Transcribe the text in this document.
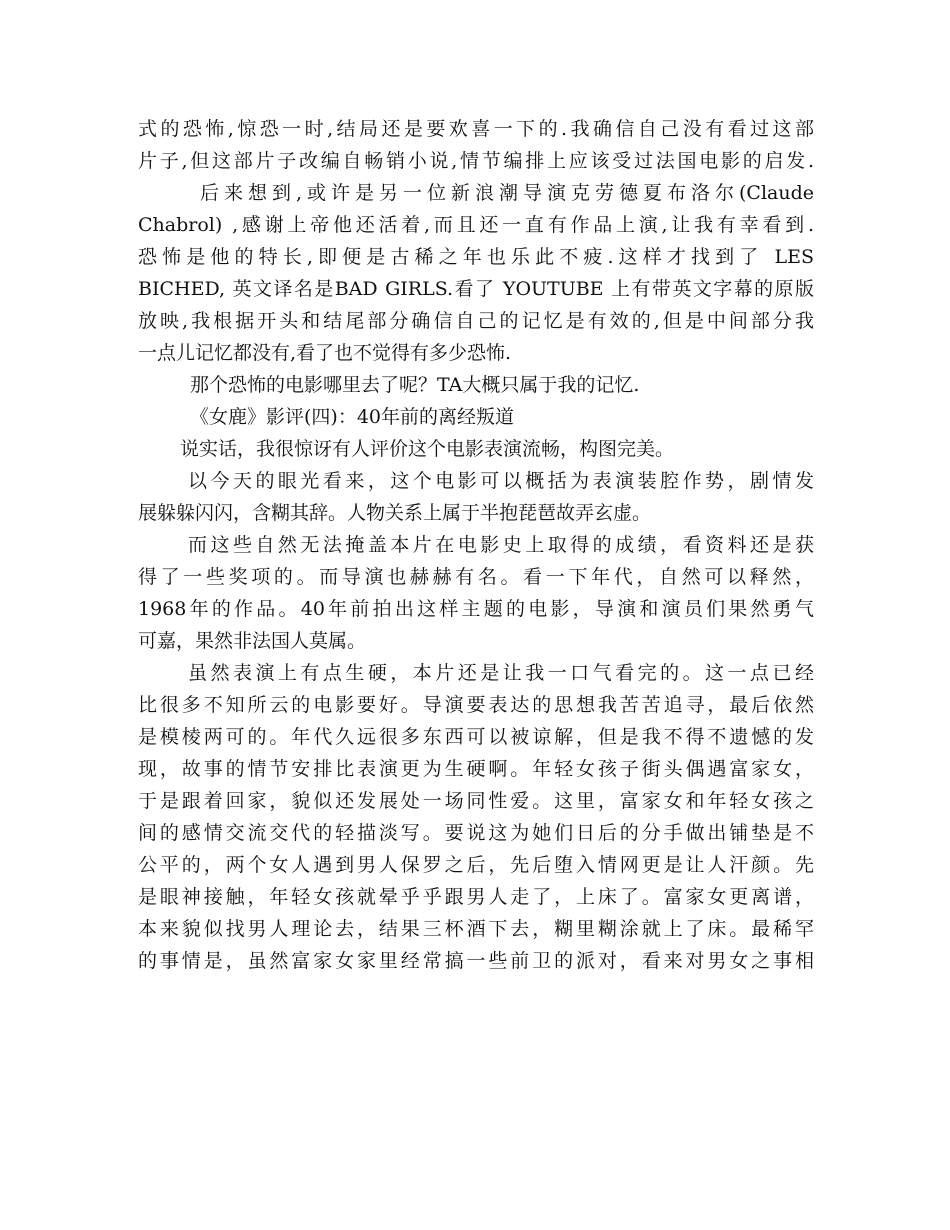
式的恐怖,惊恐一时,结局还是要欢喜一下的.我确信自己没有看过这部
片子,但这部片子改编自畅销小说,情节编排上应该受过法国电影的启发.
后来想到,或许是另一位新浪潮导演克劳德夏布洛尔(Claude
Chabrol) ,感谢上帝他还活着,而且还一直有作品上演,让我有幸看到.
恐怖是他的特长,即便是古稀之年也乐此不疲.这样才找到了 LES
BICHED, 英文译名是BAD GIRLS.看了 YOUTUBE 上有带英文字幕的原版
放映,我根据开头和结尾部分确信自己的记忆是有效的,但是中间部分我
一点儿记忆都没有,看了也不觉得有多少恐怖.
那个恐怖的电影哪里去了呢？TA大概只属于我的记忆.
《女鹿》影评(四)：40年前的离经叛道
说实话，我很惊讶有人评价这个电影表演流畅，构图完美。
以今天的眼光看来，这个电影可以概括为表演装腔作势，剧情发
展躲躲闪闪，含糊其辞。人物关系上属于半抱琵琶故弄玄虚。
而这些自然无法掩盖本片在电影史上取得的成绩，看资料还是获
得了一些奖项的。而导演也赫赫有名。看一下年代，自然可以释然，
1968年的作品。40年前拍出这样主题的电影，导演和演员们果然勇气
可嘉，果然非法国人莫属。
虽然表演上有点生硬，本片还是让我一口气看完的。这一点已经
比很多不知所云的电影要好。导演要表达的思想我苦苦追寻，最后依然
是模棱两可的。年代久远很多东西可以被谅解，但是我不得不遗憾的发
现，故事的情节安排比表演更为生硬啊。年轻女孩子街头偶遇富家女，
于是跟着回家，貌似还发展处一场同性爱。这里，富家女和年轻女孩之
间的感情交流交代的轻描淡写。要说这为她们日后的分手做出铺垫是不
公平的，两个女人遇到男人保罗之后，先后堕入情网更是让人汗颜。先
是眼神接触，年轻女孩就晕乎乎跟男人走了，上床了。富家女更离谱，
本来貌似找男人理论去，结果三杯酒下去，糊里糊涂就上了床。最稀罕
的事情是，虽然富家女家里经常搞一些前卫的派对，看来对男女之事相
